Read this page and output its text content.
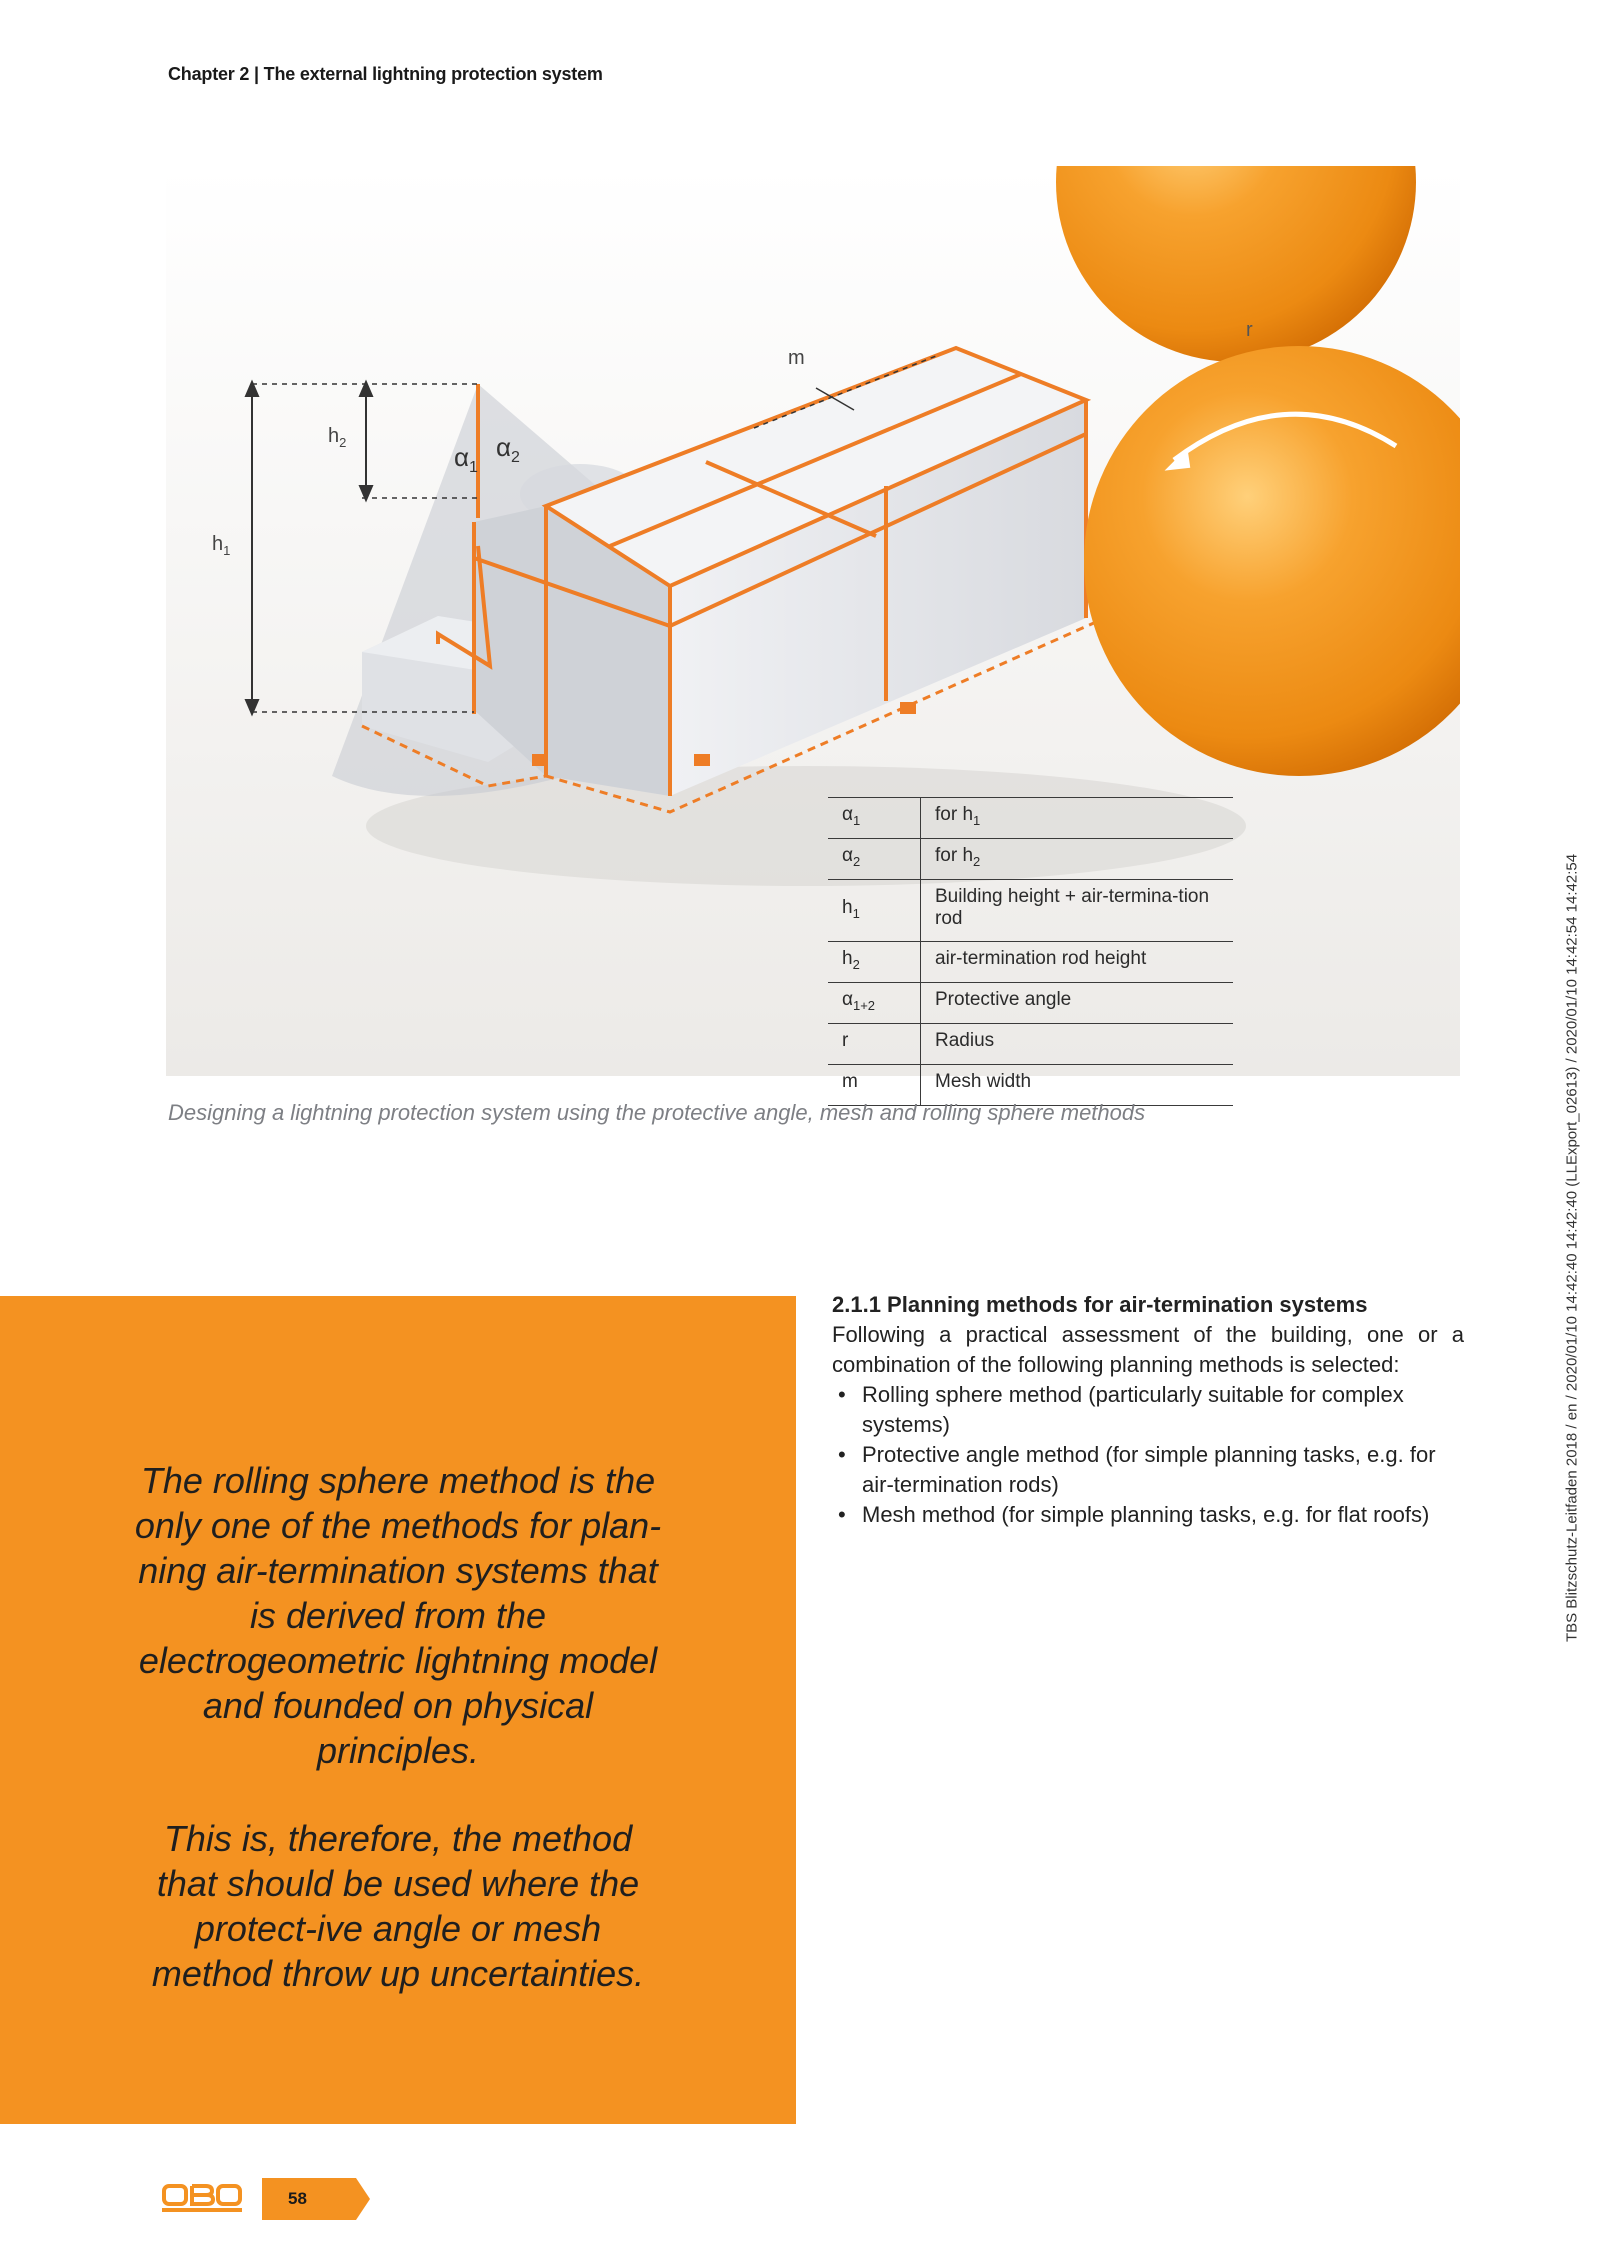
Chapter 2 | The external lightning protection system
m
r
$h_1$
$h_2$	$\alpha_1$
$\alpha_2$
$\alpha_1$	for $h_1$
$\alpha_2$	for $h_2$
$h_1$	Building height + air-termina-tion rod
$h_2$	air-termination rod height
$\alpha_{1+2}$	Protective angle
r	Radius
m	Mesh width
Designing a lightning protection system using the protective angle, mesh and rolling sphere methods

The rolling sphere method is the only one of the methods for plan-ning air-termination systems that is derived from the electrogeometric lightning model and founded on physical principles.

This is, therefore, the method that should be used where the protect-ive angle or mesh method throw up uncertainties.

2.1.1 Planning methods for air-termination systems

Following a practical assessment of the building, one or a combination of the following planning methods is selected:

• Rolling sphere method (particularly suitable for complex systems)
• Protective angle method (for simple planning tasks, e.g. for air-termination rods)
• Mesh method (for simple planning tasks, e.g. for flat roofs)	TBS Blitzschutz-Leitfaden 2018 / en / 2020/01/10 14:42:40 14:42:40 (LLExport_02613) / 2020/01/10 14:42:54 14:42:54
58
